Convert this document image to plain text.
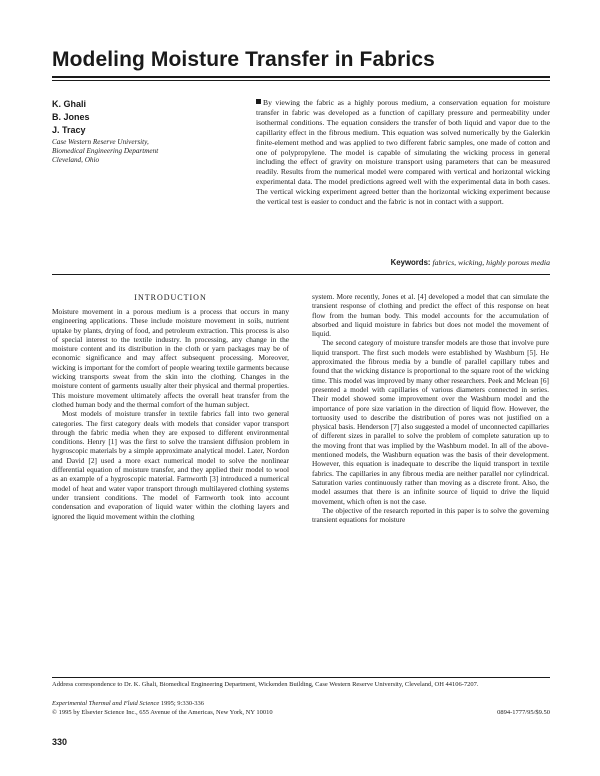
Modeling Moisture Transfer in Fabrics
K. Ghali
B. Jones
J. Tracy
Case Western Reserve University,
Biomedical Engineering Department
Cleveland, Ohio
By viewing the fabric as a highly porous medium, a conservation equation for moisture transfer in fabric was developed as a function of capillary pressure and permeability under isothermal conditions. The equation considers the transfer of both liquid and vapor due to the capillarity effect in the fibrous medium. This equation was solved numerically by the Galerkin finite-element method and was applied to two different fabric samples, one made of cotton and one of polypropylene. The model is capable of simulating the wicking process in general including the effect of gravity on moisture transport using parameters that can be measured readily. Results from the numerical model were compared with vertical and horizontal wicking experimental data. The model predictions agreed well with the experimental data in both cases. The vertical wicking experiment agreed better than the horizontal wicking experiment because the vertical test is easier to conduct and the fabric is not in contact with a support.
Keywords: fabrics, wicking, highly porous media
INTRODUCTION

Moisture movement in a porous medium is a process that occurs in many engineering applications. These include moisture movement in soils, nutrient uptake by plants, drying of food, and petroleum extraction. This process is also of special interest to the textile industry. In processing, any change in the moisture content and its distribution in the cloth or yarn packages may be of economic significance and may affect subsequent processing. Moreover, wicking is important for the comfort of people wearing textile garments because wicking transports sweat from the skin into the clothing. Changes in the moisture content of garments usually alter their physical and thermal properties. This moisture movement ultimately affects the overall heat transfer from the clothed human body and the thermal comfort of the human subject.

Most models of moisture transfer in textile fabrics fall into two general categories. The first category deals with models that consider vapor transport through the fabric media when they are exposed to different environmental conditions. Henry [1] was the first to solve the transient diffusion problem in hygroscopic materials by a simple approximate analytical model. Later, Nordon and David [2] used a more exact numerical model to solve the nonlinear differential equation of moisture transfer, and they applied their model to wool as an example of a hygroscopic material. Farnworth [3] introduced a numerical model of heat and water vapor transport through multilayered clothing systems under transient conditions. The model of Farnworth took into account condensation and evaporation of liquid water within the clothing layers and ignored the liquid movement within the clothing

system. More recently, Jones et al. [4] developed a model that can simulate the transient response of clothing and predict the effect of this response on heat flow from the human body. This model accounts for the accumulation of absorbed and liquid moisture in fabrics but does not model the movement of liquid.

The second category of moisture transfer models are those that involve pure liquid transport. The first such models were established by Washburn [5]. He approximated the fibrous media by a bundle of parallel capillary tubes and found that the wicking distance is proportional to the square root of the wicking time. This model was improved by many other researchers. Peek and Mclean [6] presented a model with capillaries of various diameters connected in series. Their model showed some improvement over the Washburn model and the importance of pore size variation in the direction of liquid flow. However, the tortuosity used to describe the distribution of pores was not justified on a physical basis. Henderson [7] also suggested a model of unconnected capillaries of different sizes in parallel to solve the problem of complete saturation up to the moving front that was implied by the Washburn model. In all of the above-mentioned models, the Washburn equation was the basis of their development. However, this equation is inadequate to describe the liquid transport in textile fabrics. The capillaries in any fibrous media are neither parallel nor cylindrical. Saturation varies continuously rather than moving as a discrete front. Also, the model assumes that there is an infinite source of liquid to drive the liquid movement, which often is not the case.

The objective of the research reported in this paper is to solve the governing transient equations for moisture

Address correspondence to Dr. K. Ghali, Biomedical Engineering Department, Wickenden Building, Case Western Reserve University, Cleveland, OH 44106-7207.
Experimental Thermal and Fluid Science 1995; 9:330-336
© 1995 by Elsevier Science Inc., 655 Avenue of the Americas, New York, NY 10010	0894-1777/95/$9.50
330
